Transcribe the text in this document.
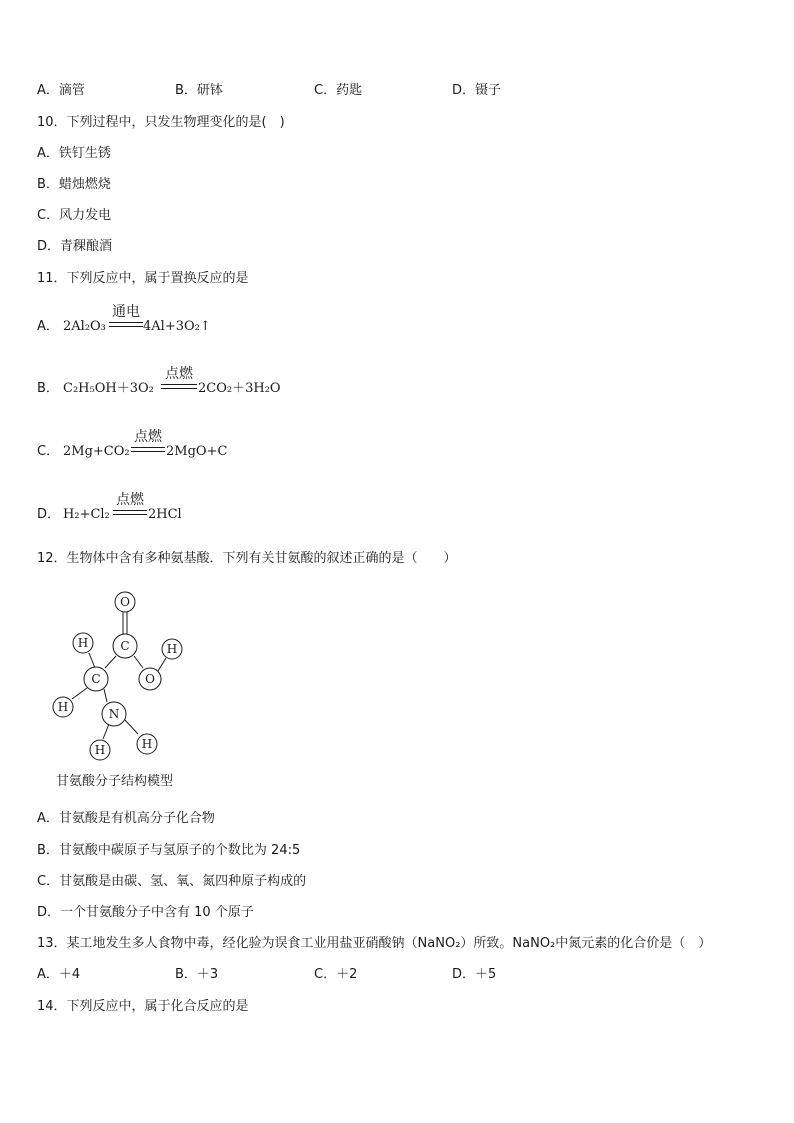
A．滴管	B．研钵	C．药匙	D．镊子
10．下列过程中，只发生物理变化的是(　)
A．铁钉生锈
B．蜡烛燃烧
C．风力发电
D．青稞酿酒
11．下列反应中，属于置换反应的是
A． 2Al₂O₃
通电
4Al+3O₂↑
B． C₂H₅OH＋3O₂
点燃
2CO₂＋3H₂O
C． 2Mg+CO₂
点燃
2MgO+C
D． H₂+Cl₂
点燃
2HCl
12．生物体中含有多种氨基酸．下列有关甘氨酸的叙述正确的是（　　）
O
C
H	H
C	O
H	N
H	H
甘氨酸分子结构模型
A．甘氨酸是有机高分子化合物
B．甘氨酸中碳原子与氢原子的个数比为 24:5
C．甘氨酸是由碳、氢、氧、氮四种原子构成的
D．一个甘氨酸分子中含有 10 个原子
13．某工地发生多人食物中毒，经化验为误食工业用盐亚硝酸钠（NaNO₂）所致。NaNO₂中氮元素的化合价是（　）
A．＋4	B．＋3	C．＋2	D．＋5
14．下列反应中，属于化合反应的是
